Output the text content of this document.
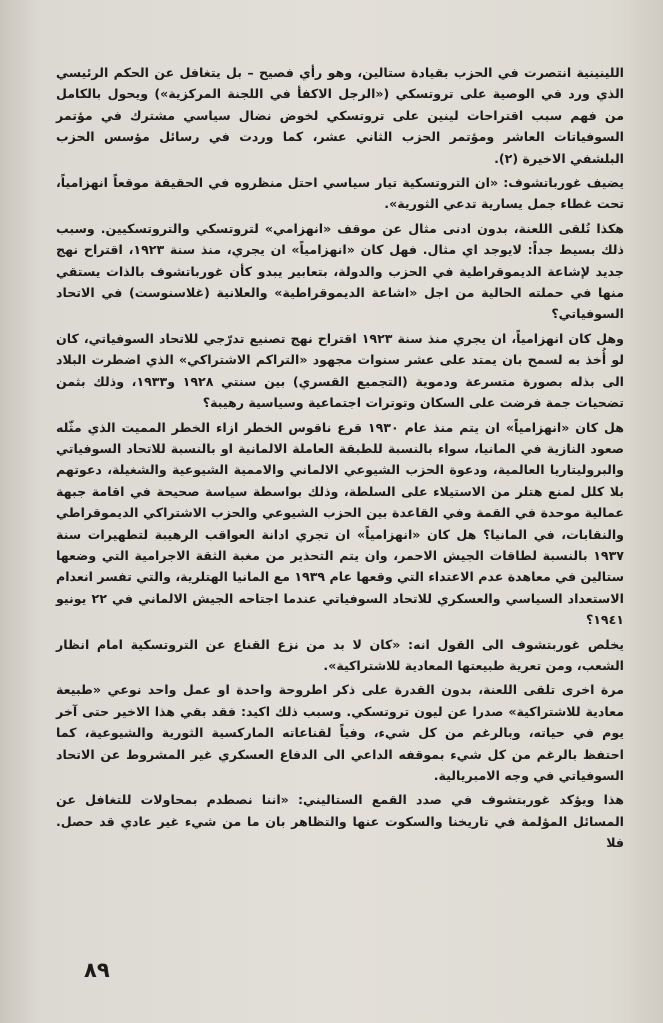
اللينينية انتصرت في الحزب بقيادة ستالين، وهو رأي فصيح – بل يتغافل عن الحكم الرئيسي الذي ورد في الوصية على تروتسكي («الرجل الاكفأ في اللجنة المركزية») ويحول بالكامل من فهم سبب اقتراحات لينين على تروتسكي لخوض نضال سياسي مشترك في مؤتمر السوفياتات العاشر ومؤتمر الحزب الثاني عشر، كما وردت في رسائل مؤسس الحزب البلشفي الاخيرة (٢).

يضيف غورباتشوف: «ان التروتسكية تيار سياسي احتل منظروه في الحقيقة موقعاً انهزامياً، تحت غطاء جمل يسارية تدعي الثورية».

هكذا تُلقى اللعنة، بدون ادنى مثال عن موقف «انهزامي» لتروتسكي والتروتسكيين. وسبب ذلك بسيط جداً: لايوجد اي مثال. فهل كان «انهزامياً» ان يجري، منذ سنة ١٩٢٣، اقتراح نهج جديد لإشاعة الديموقراطية في الحزب والدولة، بتعابير يبدو كأن غورباتشوف بالذات يستقي منها في حملته الحالية من اجل «اشاعة الديموقراطية» والعلانية (غلاسنوست) في الاتحاد السوفياتي؟

وهل كان انهزامياً، ان يجري منذ سنة ١٩٢٣ اقتراح نهج تصنيع تدرّجي للاتحاد السوفياتي، كان لو أُخذ به لسمح بان يمتد على عشر سنوات مجهود «التراكم الاشتراكي» الذي اضطرت البلاد الى بذله بصورة متسرعة ودموية (التجميع القسري) بين سنتي ١٩٢٨ و١٩٣٣، وذلك بثمن تضحيات جمة فرضت على السكان وتوترات اجتماعية وسياسية رهيبة؟

هل كان «انهزامياً» ان يتم منذ عام ١٩٣٠ قرع ناقوس الخطر ازاء الخطر المميت الذي مثّله صعود النازية في المانيا، سواء بالنسبة للطبقة العاملة الالمانية او بالنسبة للاتحاد السوفياتي والبروليتاريا العالمية، ودعوة الحزب الشيوعي الالماني والاممية الشيوعية والشغيلة، دعوتهم بلا كلل لمنع هتلر من الاستيلاء على السلطة، وذلك بواسطة سياسة صحيحة في اقامة جبهة عمالية موحدة في القمة وفي القاعدة بين الحزب الشيوعي والحزب الاشتراكي الديموقراطي والنقابات، في المانيا؟ هل كان «انهزامياً» ان تجري ادانة العواقب الرهيبة لتطهيرات سنة ١٩٣٧ بالنسبة لطاقات الجيش الاحمر، وان يتم التحذير من مغبة الثقة الاجرامية التي وضعها ستالين في معاهدة عدم الاعتداء التي وقعها عام ١٩٣٩ مع المانيا الهتلرية، والتي تفسر انعدام الاستعداد السياسي والعسكري للاتحاد السوفياتي عندما اجتاحه الجيش الالماني في ٢٢ يونيو ١٩٤١؟

يخلص غوربتشوف الى القول انه: «كان لا بد من نزع القناع عن التروتسكية امام انظار الشعب، ومن تعرية طبيعتها المعادية للاشتراكية».

مرة اخرى تلقى اللعنة، بدون القدرة على ذكر اطروحة واحدة او عمل واحد نوعي «طبيعة معادية للاشتراكية» صدرا عن ليون تروتسكي. وسبب ذلك اكيد: فقد بقي هذا الاخير حتى آخر يوم في حياته، وبالرغم من كل شيء، وفياً لقناعاته الماركسية الثورية والشيوعية، كما احتفظ بالرغم من كل شيء بموقفه الداعي الى الدفاع العسكري غير المشروط عن الاتحاد السوفياتي في وجه الامبريالية.

هذا ويؤكد غوربتشوف في صدد القمع الستاليني: «اننا نصطدم بمحاولات للتغافل عن المسائل المؤلمة في تاريخنا والسكوت عنها والتظاهر بان ما من شيء غير عادي قد حصل. فلا

٨٩
